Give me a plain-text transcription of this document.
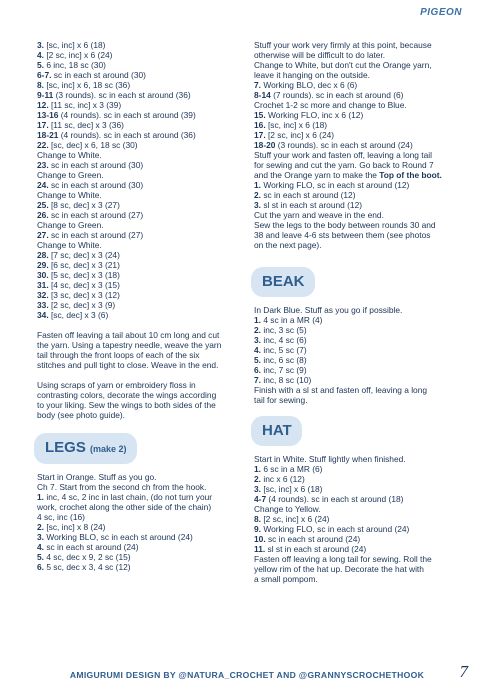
PIGEON
3. [sc, inc] x 6 (18)
4. [2 sc, inc] x 6 (24)
5. 6 inc, 18 sc (30)
6-7. sc in each st around (30)
8. [sc, inc] x 6, 18 sc (36)
9-11 (3 rounds). sc in each st around (36)
12. [11 sc, inc] x 3 (39)
13-16 (4 rounds). sc in each st around (39)
17. [11 sc, dec] x 3 (36)
18-21 (4 rounds). sc in each st around (36)
22. [sc, dec] x 6, 18 sc (30)
Change to White.
23. sc in each st around (30)
Change to Green.
24. sc in each st around (30)
Change to White.
25. [8 sc, dec] x 3 (27)
26. sc in each st around (27)
Change to Green.
27. sc in each st around (27)
Change to White.
28. [7 sc, dec] x 3 (24)
29. [6 sc, dec] x 3 (21)
30. [5 sc, dec] x 3 (18)
31. [4 sc, dec] x 3 (15)
32. [3 sc, dec] x 3 (12)
33. [2 sc, dec] x 3 (9)
34. [sc, dec] x 3 (6)
Fasten off leaving a tail about 10 cm long and cut
the yarn. Using a tapestry needle, weave the yarn
tail through the front loops of each of the six
stitches and pull tight to close. Weave in the end.
Using scraps of yarn or embroidery floss in
contrasting colors, decorate the wings according
to your liking. Sew the wings to both sides of the
body (see photo guide).
LEGS (make 2)
Start in Orange. Stuff as you go.
Ch 7. Start from the second ch from the hook.
1. inc, 4 sc, 2 inc in last chain, (do not turn your
work, crochet along the other side of the chain)
4 sc, inc (16)
2. [sc, inc] x 8 (24)
3. Working BLO, sc in each st around (24)
4. sc in each st around (24)
5. 4 sc, dec x 9, 2 sc (15)
6. 5 sc, dec x 3, 4 sc (12)
Stuff your work very firmly at this point, because
otherwise will be difficult to do later.
Change to White, but don't cut the Orange yarn,
leave it hanging on the outside.
7. Working BLO, dec x 6 (6)
8-14 (7 rounds). sc in each st around (6)
Crochet 1-2 sc more and change to Blue.
15. Working FLO, inc x 6 (12)
16. [sc, inc] x 6 (18)
17. [2 sc, inc] x 6 (24)
18-20 (3 rounds). sc in each st around (24)
Stuff your work and fasten off, leaving a long tail
for sewing and cut the yarn. Go back to Round 7
and the Orange yarn to make the Top of the boot.
1. Working FLO, sc in each st around (12)
2. sc in each st around (12)
3. sl st in each st around (12)
Cut the yarn and weave in the end.
Sew the legs to the body between rounds 30 and
38 and leave 4-6 sts between them (see photos
on the next page).
BEAK
In Dark Blue. Stuff as you go if possible.
1. 4 sc in a MR (4)
2. inc, 3 sc (5)
3. inc, 4 sc (6)
4. inc, 5 sc (7)
5. inc, 6 sc (8)
6. inc, 7 sc (9)
7. inc, 8 sc (10)
Finish with a sl st and fasten off, leaving a long
tail for sewing.
HAT
Start in White. Stuff lightly when finished.
1. 6 sc in a MR (6)
2. inc x 6 (12)
3. [sc, inc] x 6 (18)
4-7 (4 rounds). sc in each st around (18)
Change to Yellow.
8. [2 sc, inc] x 6 (24)
9. Working FLO, sc in each st around (24)
10. sc in each st around (24)
11. sl st in each st around (24)
Fasten off leaving a long tail for sewing. Roll the
yellow rim of the hat up. Decorate the hat with
a small pompom.
AMIGURUMI DESIGN BY @NATURA_CROCHET AND @GRANNYSCROCHETHOOK	7
